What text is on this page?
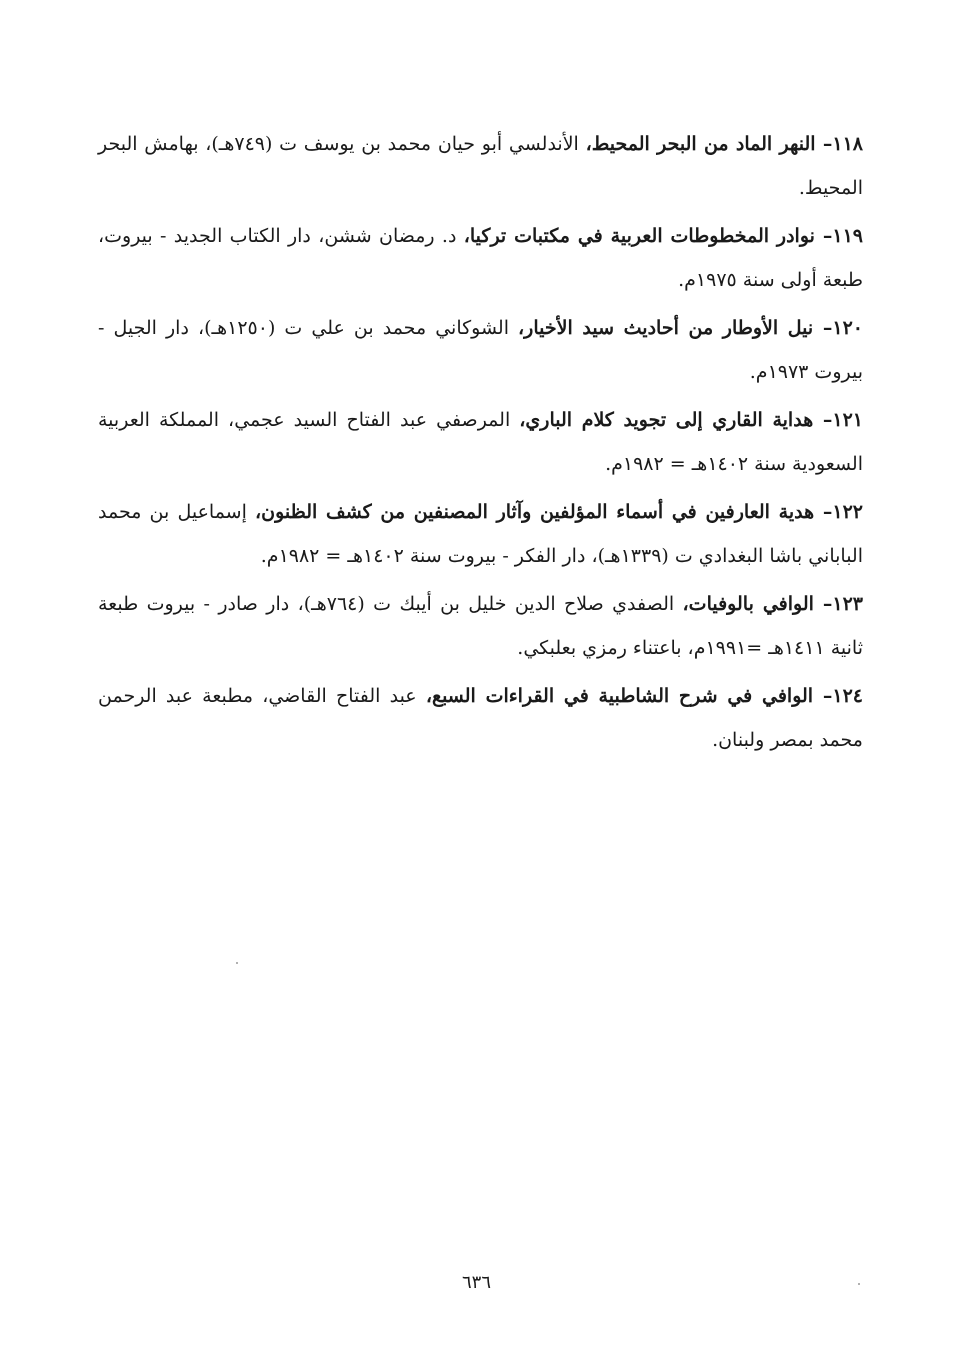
١١٨– النهر الماد من البحر المحيط، الأندلسي أبو حيان محمد بن يوسف ت (٧٤٩هـ)، بهامش البحر المحيط.

١١٩– نوادر المخطوطات العربية في مكتبات تركيا، د. رمضان ششن، دار الكتاب الجديد - بيروت، طبعة أولى سنة ١٩٧٥م.

١٢٠– نيل الأوطار من أحاديث سيد الأخيار، الشوكاني محمد بن علي ت (١٢٥٠هـ)، دار الجيل - بيروت ١٩٧٣م.

١٢١– هداية القاري إلى تجويد كلام الباري، المرصفي عبد الفتاح السيد عجمي، المملكة العربية السعودية سنة ١٤٠٢هـ = ١٩٨٢م.

١٢٢– هدية العارفين في أسماء المؤلفين وآثار المصنفين من كشف الظنون، إسماعيل بن محمد الباباني باشا البغدادي ت (١٣٣٩هـ)، دار الفكر - بيروت سنة ١٤٠٢هـ = ١٩٨٢م.

١٢٣– الوافي بالوفيات، الصفدي صلاح الدين خليل بن أيبك ت (٧٦٤هـ)، دار صادر - بيروت طبعة ثانية ١٤١١هـ =١٩٩١م، باعتناء رمزي بعلبكي.

١٢٤– الوافي في شرح الشاطبية في القراءات السبع، عبد الفتاح القاضي، مطبعة عبد الرحمن محمد بمصر ولبنان.

٦٣٦
